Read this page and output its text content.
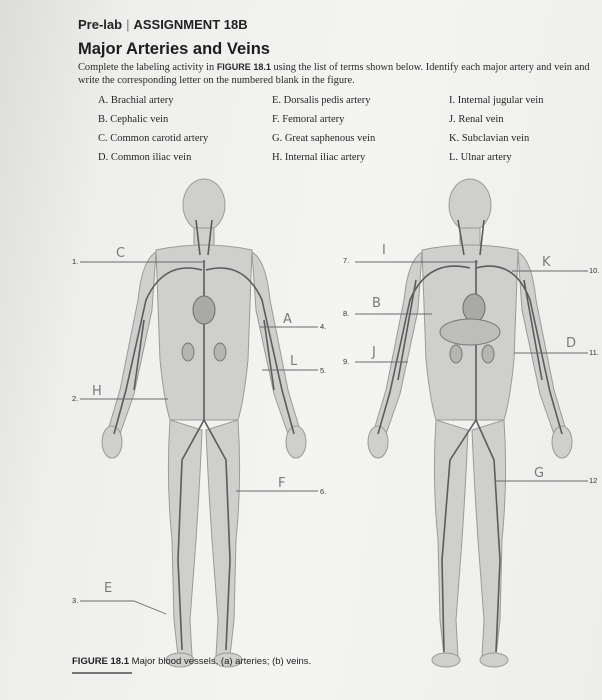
Pre-lab | ASSIGNMENT 18B
Major Arteries and Veins
Complete the labeling activity in FIGURE 18.1 using the list of terms shown below. Identify each major artery and vein and write the corresponding letter on the numbered blank in the figure.
A. Brachial artery
B. Cephalic vein
C. Common carotid artery
D. Common iliac vein
E. Dorsalis pedis artery
F. Femoral artery
G. Great saphenous vein
H. Internal iliac artery
I. Internal jugular vein
J. Renal vein
K. Subclavian vein
L. Ulnar artery
1.
2.
3.
4.
5.
6.
7.
8.
9.
10.
11.
12
C
H
E
A
L
F
I
B
J
K
D
G
FIGURE 18.1 Major blood vessels. (a) arteries; (b) veins.
